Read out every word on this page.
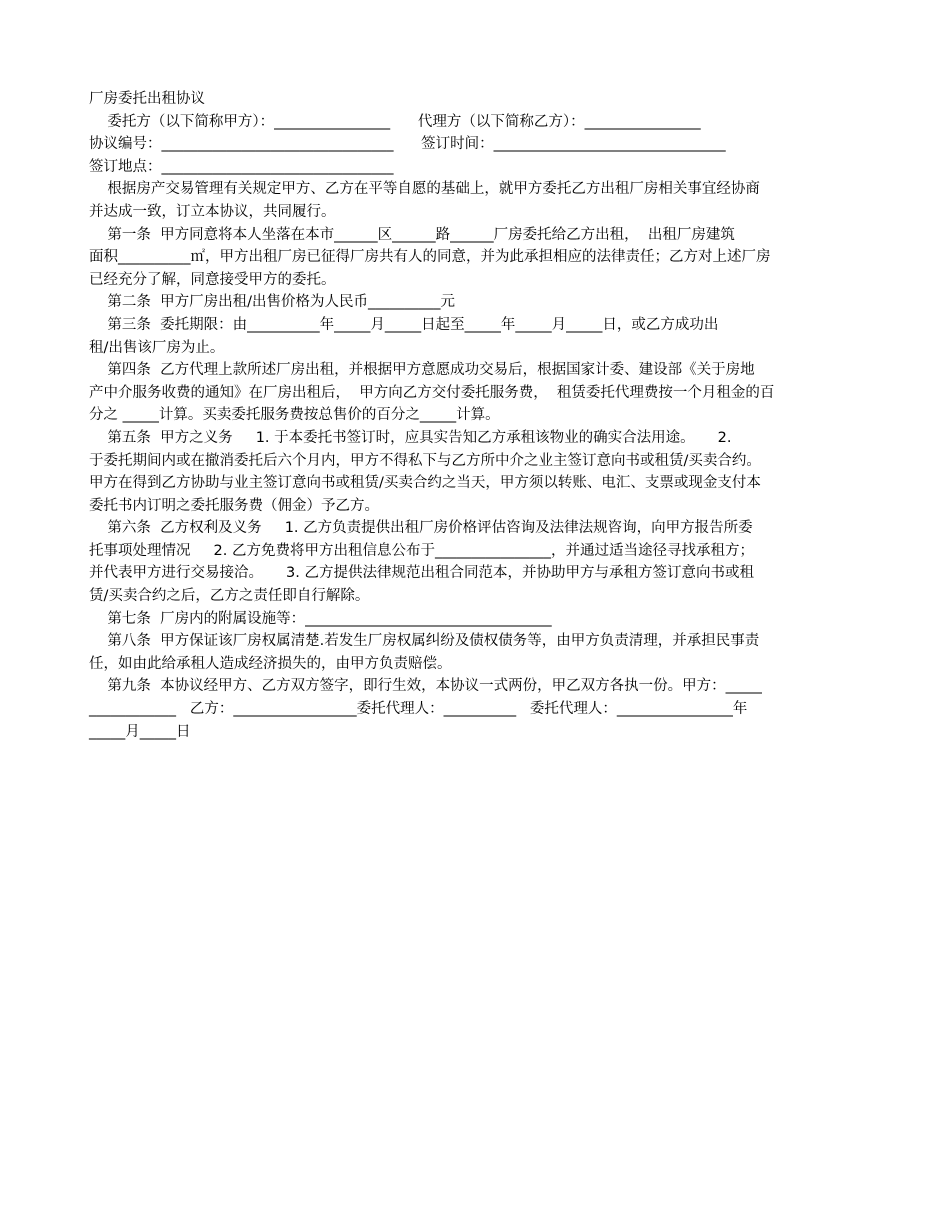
厂房委托出租协议
委托方（以下简称甲方）：________________      代理方（以下简称乙方）：________________
协议编号：________________________________      签订时间：________________________________
签订地点：________________________________
根据房产交易管理有关规定甲方、乙方在平等自愿的基础上，就甲方委托乙方出租厂房相关事宜经协商
并达成一致，订立本协议，共同履行。
第一条  甲方同意将本人坐落在本市______区______路______厂房委托给乙方出租，  出租厂房建筑
面积__________㎡，甲方出租厂房已征得厂房共有人的同意，并为此承担相应的法律责任；乙方对上述厂房
已经充分了解，同意接受甲方的委托。
第二条  甲方厂房出租/出售价格为人民币__________元
第三条  委托期限：由__________年_____月_____日起至_____年_____月_____日，或乙方成功出
租/出售该厂房为止。
第四条  乙方代理上款所述厂房出租，并根据甲方意愿成功交易后，根据国家计委、建设部《关于房地
产中介服务收费的通知》在厂房出租后，  甲方向乙方交付委托服务费，  租赁委托代理费按一个月租金的百
分之 _____计算。买卖委托服务费按总售价的百分之_____计算。
第五条  甲方之义务     1. 于本委托书签订时，应具实告知乙方承租该物业的确实合法用途。     2.
于委托期间内或在撤消委托后六个月内，甲方不得私下与乙方所中介之业主签订意向书或租赁/买卖合约。
甲方在得到乙方协助与业主签订意向书或租赁/买卖合约之当天，甲方须以转账、电汇、支票或现金支付本
委托书内订明之委托服务费（佣金）予乙方。
第六条  乙方权利及义务     1. 乙方负责提供出租厂房价格评估咨询及法律法规咨询，向甲方报告所委
托事项处理情况     2. 乙方免费将甲方出租信息公布于________________，并通过适当途径寻找承租方；
并代表甲方进行交易接洽。     3. 乙方提供法律规范出租合同范本，并协助甲方与承租方签订意向书或租
赁/买卖合约之后，乙方之责任即自行解除。
第七条  厂房内的附属设施等：__________________________________
第八条  甲方保证该厂房权属清楚.若发生厂房权属纠纷及债权债务等，由甲方负责清理，并承担民事责
任，如由此给承租人造成经济损失的，由甲方负责赔偿。
第九条  本协议经甲方、乙方双方签字，即行生效，本协议一式两份，甲乙双方各执一份。甲方：_____
____________   乙方：_________________委托代理人：__________   委托代理人：________________年
_____月_____日
